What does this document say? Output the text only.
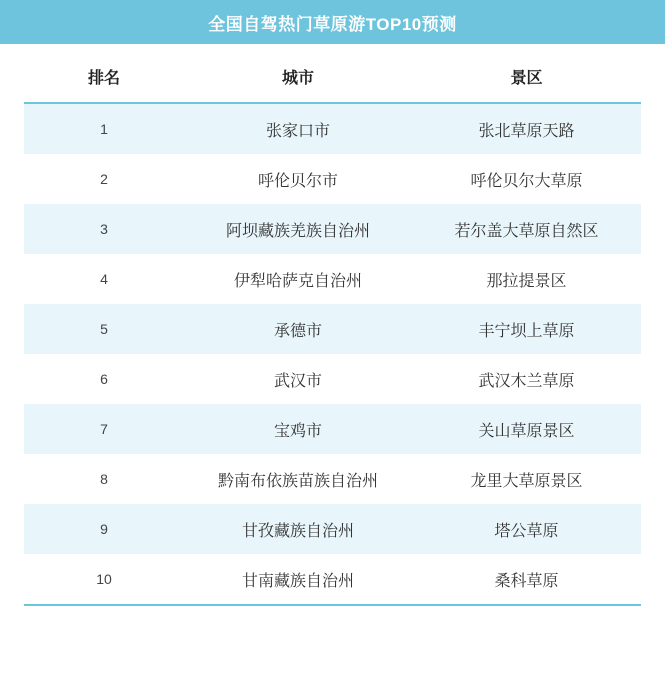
全国自驾热门草原游TOP10预测
排名	城市	景区
1	张家口市	张北草原天路
2	呼伦贝尔市	呼伦贝尔大草原
3	阿坝藏族羌族自治州	若尔盖大草原自然区
4	伊犁哈萨克自治州	那拉提景区
5	承德市	丰宁坝上草原
6	武汉市	武汉木兰草原
7	宝鸡市	关山草原景区
8	黔南布依族苗族自治州	龙里大草原景区
9	甘孜藏族自治州	塔公草原
10	甘南藏族自治州	桑科草原
